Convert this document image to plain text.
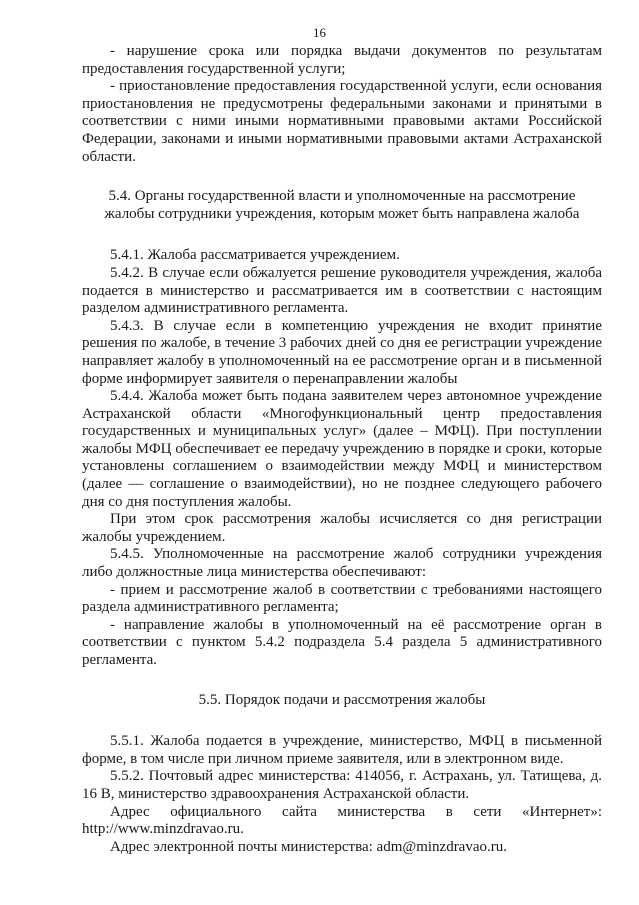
16

- нарушение срока или порядка выдачи документов по результатам предоставления государственной услуги;

- приостановление предоставления государственной услуги, если основания приостановления не предусмотрены федеральными законами и принятыми в соответствии с ними иными нормативными правовыми актами Российской Федерации, законами и иными нормативными правовыми актами Астраханской области.

5.4. Органы государственной власти и уполномоченные на рассмотрение

жалобы сотрудники учреждения, которым может быть направлена жалоба

5.4.1. Жалоба рассматривается учреждением.

5.4.2. В случае если обжалуется решение руководителя учреждения, жалоба подается в министерство и рассматривается им в соответствии с настоящим разделом административного регламента.

5.4.3. В случае если в компетенцию учреждения не входит принятие решения по жалобе, в течение 3 рабочих дней со дня ее регистрации учреждение направляет жалобу в уполномоченный на ее рассмотрение орган и в письменной форме информирует заявителя о перенаправлении жалобы

5.4.4. Жалоба может быть подана заявителем через автономное учреждение Астраханской области «Многофункциональный центр предоставления государственных и муниципальных услуг» (далее – МФЦ). При поступлении жалобы МФЦ обеспечивает ее передачу учреждению в порядке и сроки, которые установлены соглашением о взаимодействии между МФЦ и министерством (далее — соглашение о взаимодействии), но не позднее следующего рабочего дня со дня поступления жалобы.

При этом срок рассмотрения жалобы исчисляется со дня регистрации жалобы учреждением.

5.4.5. Уполномоченные на рассмотрение жалоб сотрудники учреждения либо должностные лица министерства обеспечивают:

- прием и рассмотрение жалоб в соответствии с требованиями настоящего раздела административного регламента;

- направление жалобы в уполномоченный на её рассмотрение орган в соответствии с пунктом 5.4.2 подраздела 5.4 раздела 5 административного регламента.

5.5. Порядок подачи и рассмотрения жалобы

5.5.1. Жалоба подается в учреждение, министерство, МФЦ в письменной форме, в том числе при личном приеме заявителя, или в электронном виде.

5.5.2. Почтовый адрес министерства: 414056, г. Астрахань, ул. Татищева, д. 16 В, министерство здравоохранения Астраханской области.

Адрес официального сайта министерства в сети «Интернет»: http://www.minzdravao.ru.

Адрес электронной почты министерства: adm@minzdravao.ru.
